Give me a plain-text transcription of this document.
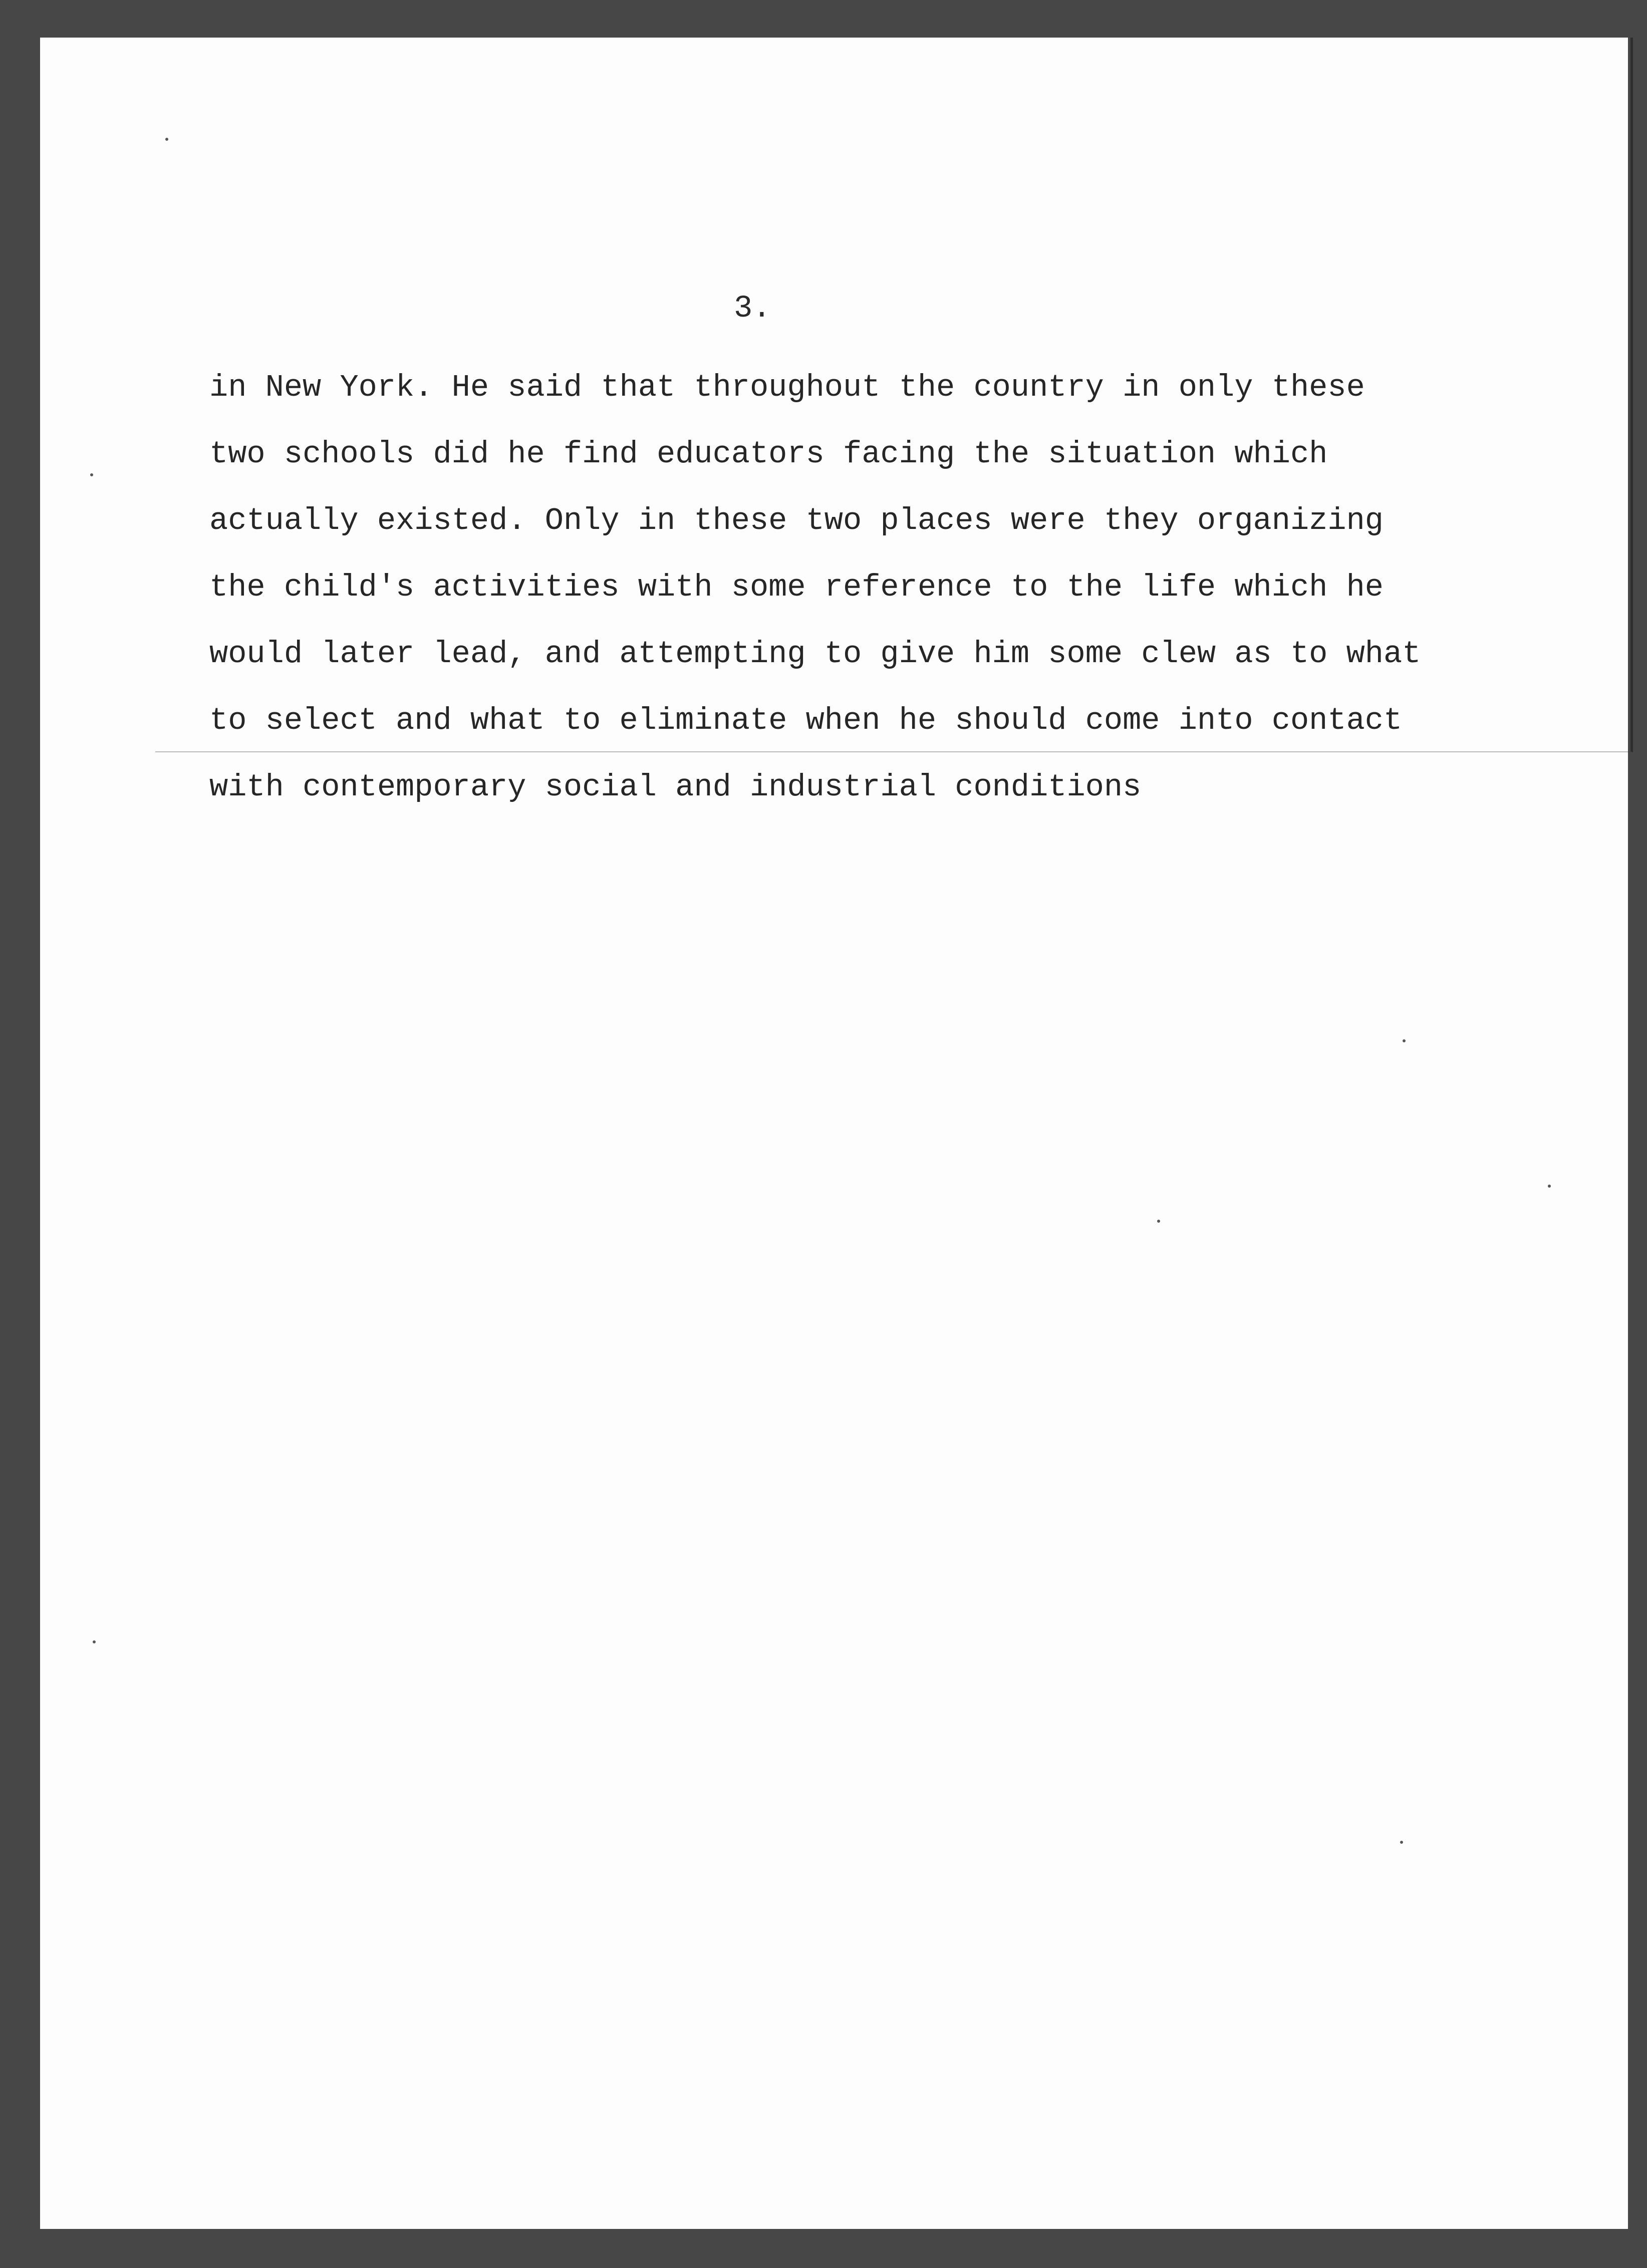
3.
in New York. He said that throughout the country in only these
two schools did he find educators facing the situation which
actually existed. Only in these two places were they organizing
the child's activities with some reference to the life which he
would later lead, and attempting to give him some clew as to what
to select and what to eliminate when he should come into contact
with contemporary social and industrial conditions
